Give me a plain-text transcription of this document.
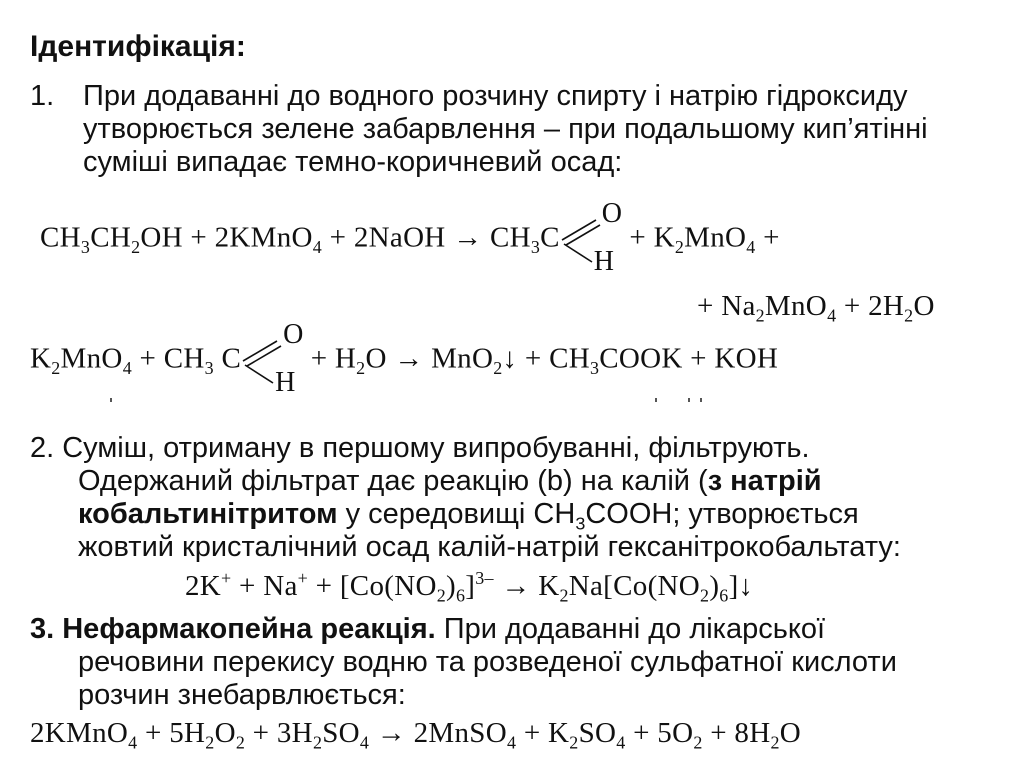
Ідентифікація:
1. При додаванні до водного розчину спирту і натрію гідроксиду
утворюється зелене забарвлення – при подальшому кип’ятінні
суміші випадає темно-коричневий осад:
$CH_3CH_2OH$ + 2KMnO$_4$ + 2NaOH → $CH_3C$
O
H
+ $K_2MnO_4$ +
+ $Na_2MnO_4 + 2H_2O$
$K_2MnO_4 + CH_3$ C
O
H
+ $H_2O$ → MnO$_2$↓ + $CH_3COOK$ + KOH
2. Суміш, отриману в першому випробуванні, фільтрують.
Одержаний фільтрат дає реакцію (b) на калій (з натрій
кобальтинітритом у середовищі $CH_3COOH$; утворюється
жовтий кристалічний осад калій-натрій гексанітрокобальтату:
$2K^+ + Na^+ + [Co(NO_2)_6]^{3-}$ → $K_2Na[Co(NO_2)_6]↓$
3. Нефармакопейна реакція. При додаванні до лікарської
речовини перекису водню та розведеної сульфатної кислоти
розчин знебарвлюється:
2KMnO$_4$ + $5H_2O_2 + 3H_2SO_4$ → 2MnSO$_4$ + $K_2SO_4 + 5O_2 + 8H_2O$
